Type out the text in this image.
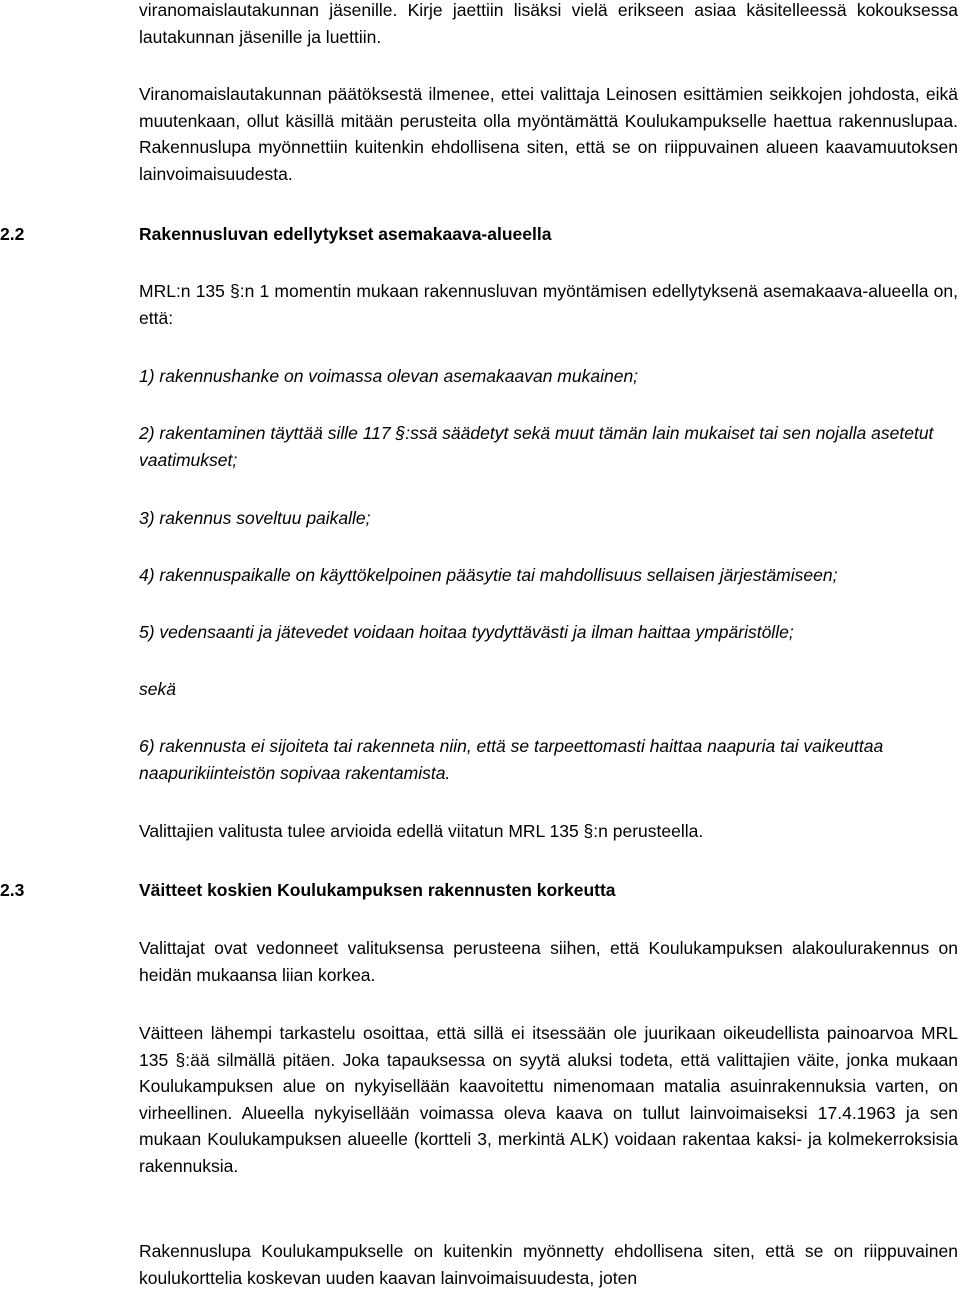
viranomaislautakunnan jäsenille. Kirje jaettiin lisäksi vielä erikseen asiaa käsitelleessä kokouksessa lautakunnan jäsenille ja luettiin.

Viranomaislautakunnan päätöksestä ilmenee, ettei valittaja Leinosen esittämien seikkojen johdosta, eikä muutenkaan, ollut käsillä mitään perusteita olla myöntämättä Koulukampukselle haettua rakennuslupaa. Rakennuslupa myönnettiin kuitenkin ehdollisena siten, että se on riippuvainen alueen kaavamuutoksen lainvoimaisuudesta.

2.2	Rakennusluvan edellytykset asemakaava-alueella

MRL:n 135 §:n 1 momentin mukaan rakennusluvan myöntämisen edellytyksenä asemakaava-alueella on, että:

1) rakennushanke on voimassa olevan asemakaavan mukainen;

2) rakentaminen täyttää sille 117 §:ssä säädetyt sekä muut tämän lain mukaiset tai sen nojalla asetetut vaatimukset;

3) rakennus soveltuu paikalle;

4) rakennuspaikalle on käyttökelpoinen pääsytie tai mahdollisuus sellaisen järjestämiseen;

5) vedensaanti ja jätevedet voidaan hoitaa tyydyttävästi ja ilman haittaa ympäristölle;

sekä

6) rakennusta ei sijoiteta tai rakenneta niin, että se tarpeettomasti haittaa naapuria tai vaikeuttaa naapurikiinteistön sopivaa rakentamista.

Valittajien valitusta tulee arvioida edellä viitatun MRL 135 §:n perusteella.

2.3	Väitteet koskien Koulukampuksen rakennusten korkeutta

Valittajat ovat vedonneet valituksensa perusteena siihen, että Koulukampuksen alakoulurakennus on heidän mukaansa liian korkea.

Väitteen lähempi tarkastelu osoittaa, että sillä ei itsessään ole juurikaan oikeudellista painoarvoa MRL 135 §:ää silmällä pitäen. Joka tapauksessa on syytä aluksi todeta, että valittajien väite, jonka mukaan Koulukampuksen alue on nykyisellään kaavoitettu nimenomaan matalia asuinrakennuksia varten, on virheellinen. Alueella nykyisellään voimassa oleva kaava on tullut lainvoimaiseksi 17.4.1963 ja sen mukaan Koulukampuksen alueelle (kortteli 3, merkintä ALK) voidaan rakentaa kaksi- ja kolmekerroksisia rakennuksia.

Rakennuslupa Koulukampukselle on kuitenkin myönnetty ehdollisena siten, että se on riippuvainen koulukorttelia koskevan uuden kaavan lainvoimaisuudesta, joten
